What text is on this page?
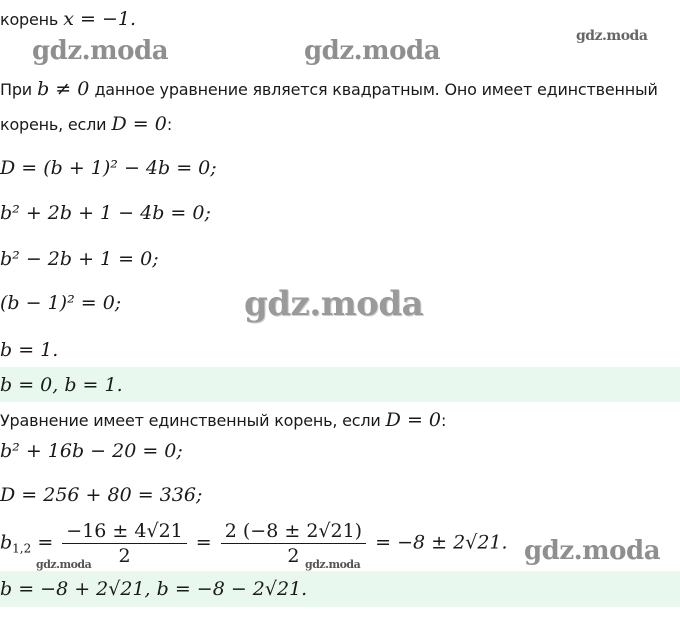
корень x = −1.
При b ≠ 0 данное уравнение является квадратным. Оно имеет единственный
корень, если D = 0:
D = (b + 1)² − 4b = 0;
b² + 2b + 1 − 4b = 0;
b² − 2b + 1 = 0;
(b − 1)² = 0;
b = 1.
b = 0, b = 1.
Уравнение имеет единственный корень, если D = 0:
b² + 16b − 20 = 0;
D = 256 + 80 = 336;
$b_{1,2} = \frac{-16 \pm 4√21}{2} = \frac{2 (-8 \pm 2√21)}{2} = -8 \pm 2√21$.
b = −8 + 2√21, b = −8 − 2√21.
gdz.moda	gdz.moda	gdz.moda
gdz.moda
gdz.moda	gdz.moda	gdz.moda
